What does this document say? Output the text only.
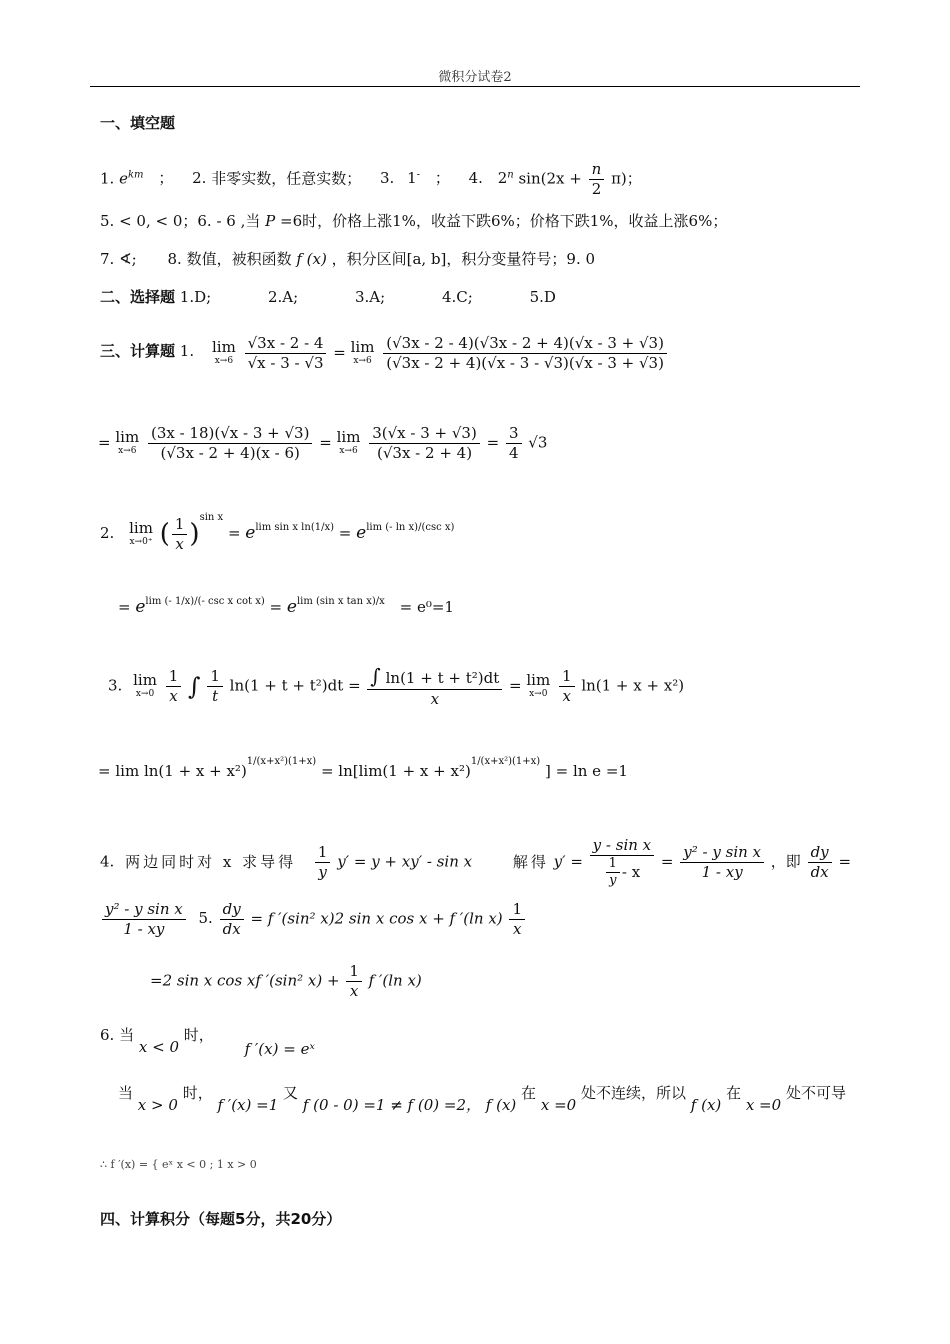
微积分试卷2
一、填空题
1. $e^{km}$ ； 2. 非零实数，任意实数； 3. 1- ； 4. 2$^n$ $\sin(2x + \frac{n}{2} \pi)$；
5. < 0, < 0；6. - 6 ,当 P =6时，价格上涨1%，收益下跌6%；价格下跌1%，收益上涨6%；
7. ∢; 8. 数值，被积函数 f (x) ，积分区间[a, b]，积分变量符号；9. 0
二、选择题 1.D;	2.A;	3.A;	4.C;	5.D
三、计算题 1. lim
x→6
$\frac{√3x - 2 - 4}{√x - 3 - √3} = \lim$
x→6
$\frac{(√3x - 2 - 4)(√3x - 2 + 4)(√x - 3 + √3)}{(√3x - 2 + 4)(√x - 3 - √3)(√x - 3 + √3)}$
= lim
x→6
$\frac{(3x - 18)(√x - 3 + √3)}{(√3x - 2 + 4)(x - 6)} = \lim$
x→6
$\frac{3(√x - 3 + √3)}{(√3x - 2 + 4)} = \frac{3}{4} √3$
2. lim
x→0⁺ ( $\frac{1}{x} )^{sin x} = e^{lim sin x ln(1/x)} = e^{lim (- ln x)/(csc x)}$
= $e^{lim (- 1/x)/(- csc x cot x)} = e^{lim (sin x tan x)/x} = e^0=1$
3. lim
x→0
$\frac{1}{x}$ ∫ $\frac{1}{t} \ln(1 + t + t^2)dt = \frac{\text{∫ ln(1 + t + t²)dt}}{x} = \lim$
x→0
$\frac{1}{x} \ln(1 + x + x^2)$
= $\lim \ln(1 + x + x^2)^{1/(x+x^2)(1+x)} = \ln[\lim(1 + x + x^2)^{1/(x+x^2)(1+x)}$ ] = ln e =1
4. 两边同时对 x 求导得 $\frac{1}{y} y' = y + xy' - \sin x$	解得 $y' = \frac{\text{y - sin x}}{\frac{1}{y} - x} = \frac{\text{y² - y sin x}}{1 - xy}$ ，即 $\frac{dy}{dx}$ =
$\frac{\text{y² - y sin x}}{1 - xy} 5$. $\frac{dy}{dx} = f$ ′(sin² x)2 sin x cos x + f ′(ln $x) \frac{1}{x}$
=2 sin x cos xf ′(sin² $x) + \frac{1}{x}$ f ′(ln x)
6. 当 x < 0 时， f ′(x) = eˣ
当 x > 0 时， f ′(x) =1 又 f (0 - 0) =1 ≠ f (0) =2， f (x) 在 x =0 处不连续，所以 f (x) 在 x =0 处不可导
∴ f ′(x) = { eˣ x < 0 ; 1 x > 0
四、计算积分（每题5分，共20分）
